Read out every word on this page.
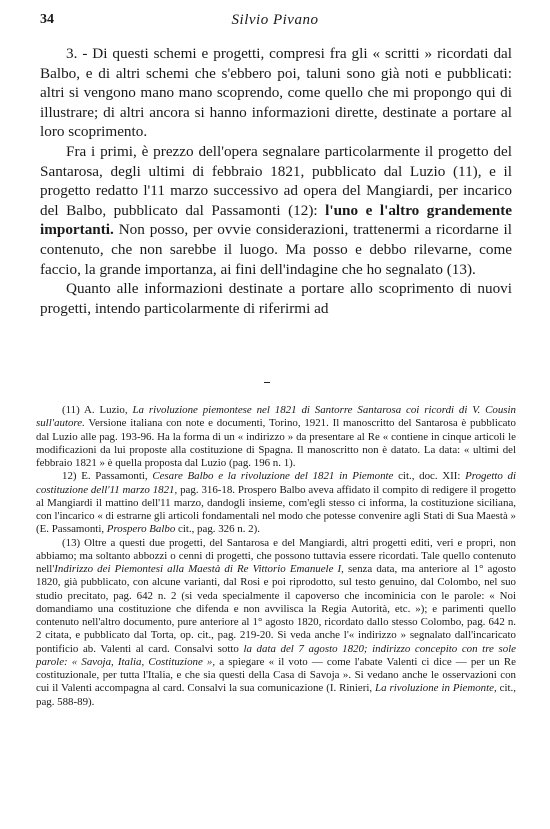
34	Silvio Pivano

3. - Di questi schemi e progetti, compresi fra gli « scritti » ricordati dal Balbo, e di altri schemi che s'ebbero poi, taluni sono già noti e pubblicati: altri si vengono mano mano scoprendo, come quello che mi propongo qui di illustrare; di altri ancora si hanno informazioni dirette, destinate a portare al loro scoprimento.

Fra i primi, è prezzo dell'opera segnalare particolarmente il progetto del Santarosa, degli ultimi di febbraio 1821, pubblicato dal Luzio (11), e il progetto redatto l'11 marzo successivo ad opera del Mangiardi, per incarico del Balbo, pubblicato dal Passamonti (12): l'uno e l'altro grandemente importanti. Non posso, per ovvie considerazioni, trattenermi a ricordarne il contenuto, che non sarebbe il luogo. Ma posso e debbo rilevarne, come faccio, la grande importanza, ai fini dell'indagine che ho segnalato (13).

Quanto alle informazioni destinate a portare allo scoprimento di nuovi progetti, intendo particolarmente di riferirmi ad

(11) A. Luzio, La rivoluzione piemontese nel 1821 di Santorre Santarosa coi ricordi di V. Cousin sull'autore. Versione italiana con note e documenti, Torino, 1921. Il manoscritto del Santarosa è pubblicato dal Luzio alle pag. 193-96. Ha la forma di un « indirizzo » da presentare al Re « contiene in cinque articoli le modificazioni da lui proposte alla costituzione di Spagna. Il manoscritto non è datato. La data: « ultimi del febbraio 1821 » è quella proposta dal Luzio (pag. 196 n. 1).

12) E. Passamonti, Cesare Balbo e la rivoluzione del 1821 in Piemonte cit., doc. XII: Progetto di costituzione dell'11 marzo 1821, pag. 316-18. Prospero Balbo aveva affidato il compito di redigere il progetto al Mangiardi il mattino dell'11 marzo, dandogli insieme, com'egli stesso ci informa, la costituzione siciliana, con l'incarico « di estrarne gli articoli fondamentali nel modo che potesse convenire agli Stati di Sua Maestà » (E. Passamonti, Prospero Balbo cit., pag. 326 n. 2).

(13) Oltre a questi due progetti, del Santarosa e del Mangiardi, altri progetti editi, veri e propri, non abbiamo; ma soltanto abbozzi o cenni di progetti, che possono tuttavia essere ricordati. Tale quello contenuto nell'Indirizzo dei Piemontesi alla Maestà di Re Vittorio Emanuele I, senza data, ma anteriore al 1° agosto 1820, già pubblicato, con alcune varianti, dal Rosi e poi riprodotto, sul testo genuino, dal Colombo, nel suo studio precitato, pag. 642 n. 2 (si veda specialmente il capoverso che incominicia con le parole: « Noi domandiamo una costituzione che difenda e non avvilisca la Regia Autorità, etc. »); e parimenti quello contenuto nell'altro documento, pure anteriore al 1° agosto 1820, ricordato dallo stesso Colombo, pag. 642 n. 2 citata, e pubblicato dal Torta, op. cit., pag. 219-20. Si veda anche l'« indirizzo » segnalato dall'incaricato pontificio ab. Valenti al card. Consalvi sotto la data del 7 agosto 1820; indirizzo concepito con tre sole parole: « Savoja, Italia, Costituzione », a spiegare « il voto — come l'abate Valenti ci dice — per un Re costituzionale, per tutta l'Italia, e che sia questi della Casa di Savoja ». Si vedano anche le osservazioni con cui il Valenti accompagna al card. Consalvi la sua comunicazione (I. Rinieri, La rivoluzione in Piemonte, cit., pag. 588-89).
